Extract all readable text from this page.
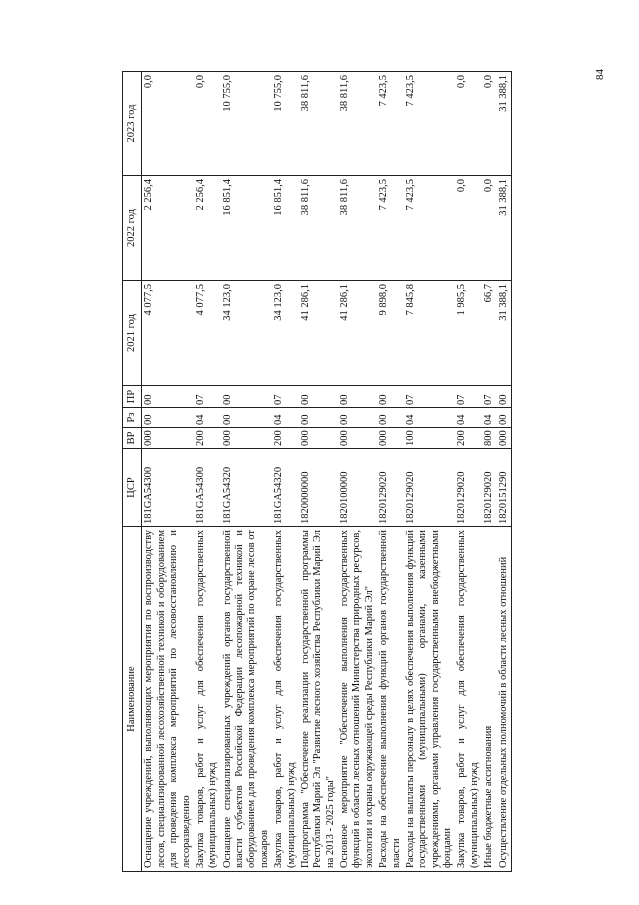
84
Наименование	ЦСР	ВР	Рз	ПР	2021 год	2022 год	2023 год
Оснащение учреждений, выполняющих мероприятия по воспроизводству лесов, специализированной лесохозяйственной техникой и оборудованием для проведения комплекса мероприятий по лесовосстановлению и лесоразведению	181GA54300	000	00	00	4 077,5	2 256,4	0,0
Закупка товаров, работ и услуг для обеспечения государственных (муниципальных) нужд	181GA54300	200	04	07	4 077,5	2 256,4	0,0
Оснащение специализированных учреждений органов государственной власти субъектов Российской Федерации лесопожарной техникой и оборудованием для проведения комплекса мероприятий по охране лесов от пожаров	181GA54320	000	00	00	34 123,0	16 851,4	10 755,0
Закупка товаров, работ и услуг для обеспечения государственных (муниципальных) нужд	181GA54320	200	04	07	34 123,0	16 851,4	10 755,0
Подпрограмма "Обеспечение реализации государственной программы Республики Марий Эл "Развитие лесного хозяйства Республики Марий Эл на 2013 - 2025 годы"	1820000000	000	00	00	41 286,1	38 811,6	38 811,6
Основное мероприятие "Обеспечение выполнения государственных функций в области лесных отношений Министерства природных ресурсов, экологии и охраны окружающей среды Республики Марий Эл"	1820100000	000	00	00	41 286,1	38 811,6	38 811,6
Расходы на обеспечение выполнения функций органов государственной власти	1820129020	000	00	00	9 898,0	7 423,5	7 423,5
Расходы на выплаты персоналу в целях обеспечения выполнения функций государственными (муниципальными) органами, казенными учреждениями, органами управления государственными внебюджетными фондами	1820129020	100	04	07	7 845,8	7 423,5	7 423,5
Закупка товаров, работ и услуг для обеспечения государственных (муниципальных) нужд	1820129020	200	04	07	1 985,5	0,0	0,0
Иные бюджетные ассигнования	1820129020	800	04	07	66,7	0,0	0,0
Осуществление отдельных полномочий в области лесных отношений	1820151290	000	00	00	31 388,1	31 388,1	31 388,1
